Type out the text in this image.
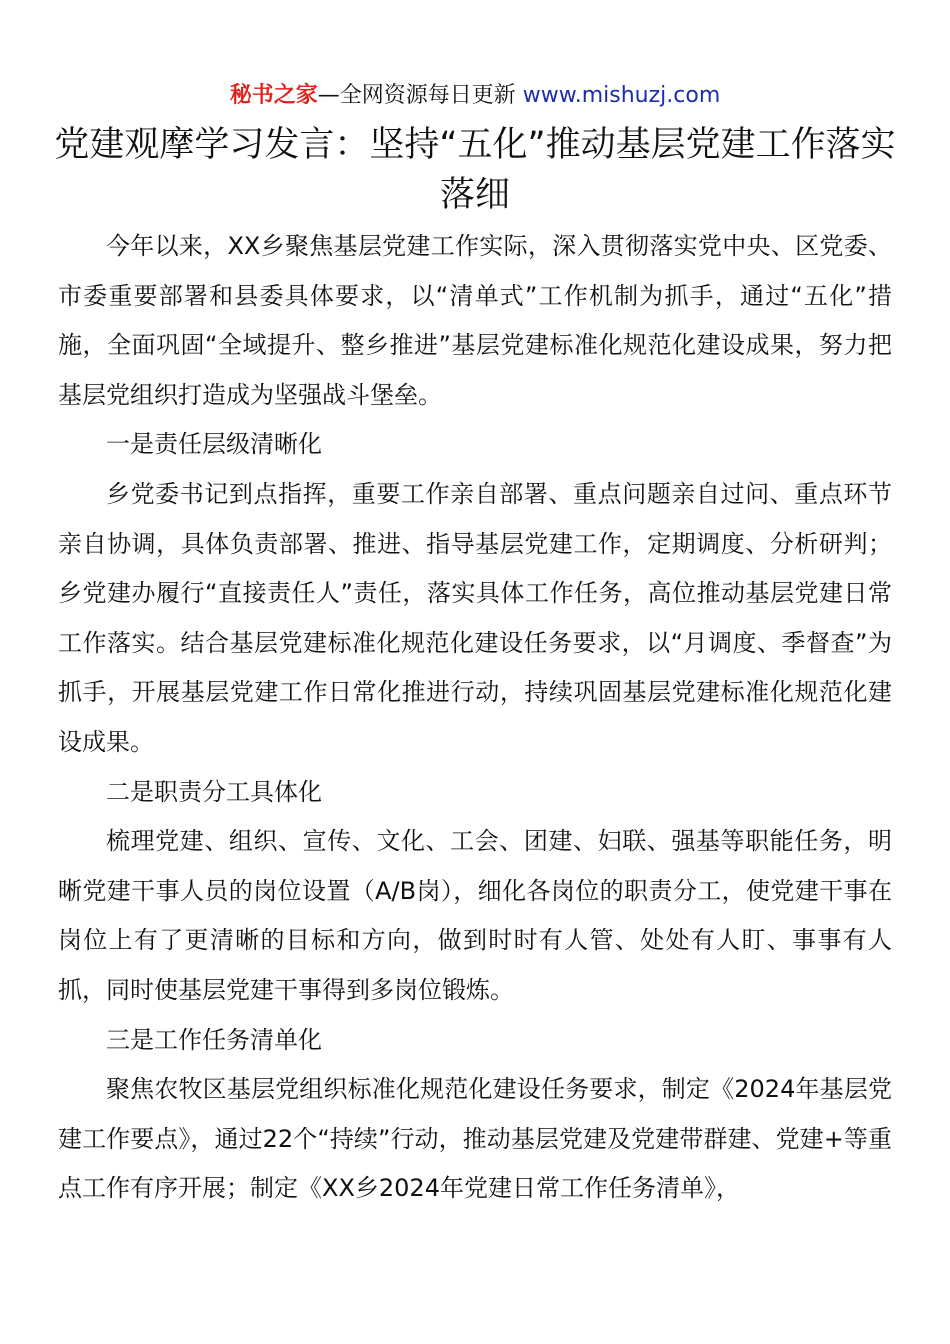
秘书之家—全网资源每日更新 www.mishuzj.com
党建观摩学习发言：坚持“五化”推动基层党建工作落实落细

今年以来，XX乡聚焦基层党建工作实际，深入贯彻落实党中央、区党委、市委重要部署和县委具体要求，以“清单式”工作机制为抓手，通过“五化”措施，全面巩固“全域提升、整乡推进”基层党建标准化规范化建设成果，努力把基层党组织打造成为坚强战斗堡垒。

一是责任层级清晰化

乡党委书记到点指挥，重要工作亲自部署、重点问题亲自过问、重点环节亲自协调，具体负责部署、推进、指导基层党建工作，定期调度、分析研判；乡党建办履行“直接责任人”责任，落实具体工作任务，高位推动基层党建日常工作落实。结合基层党建标准化规范化建设任务要求，以“月调度、季督查”为抓手，开展基层党建工作日常化推进行动，持续巩固基层党建标准化规范化建设成果。

二是职责分工具体化

梳理党建、组织、宣传、文化、工会、团建、妇联、强基等职能任务，明晰党建干事人员的岗位设置（A/B岗），细化各岗位的职责分工，使党建干事在岗位上有了更清晰的目标和方向，做到时时有人管、处处有人盯、事事有人抓，同时使基层党建干事得到多岗位锻炼。

三是工作任务清单化

聚焦农牧区基层党组织标准化规范化建设任务要求，制定《2024年基层党建工作要点》，通过22个“持续”行动，推动基层党建及党建带群建、党建+等重点工作有序开展；制定《XX乡2024年党建日常工作任务清单》，
